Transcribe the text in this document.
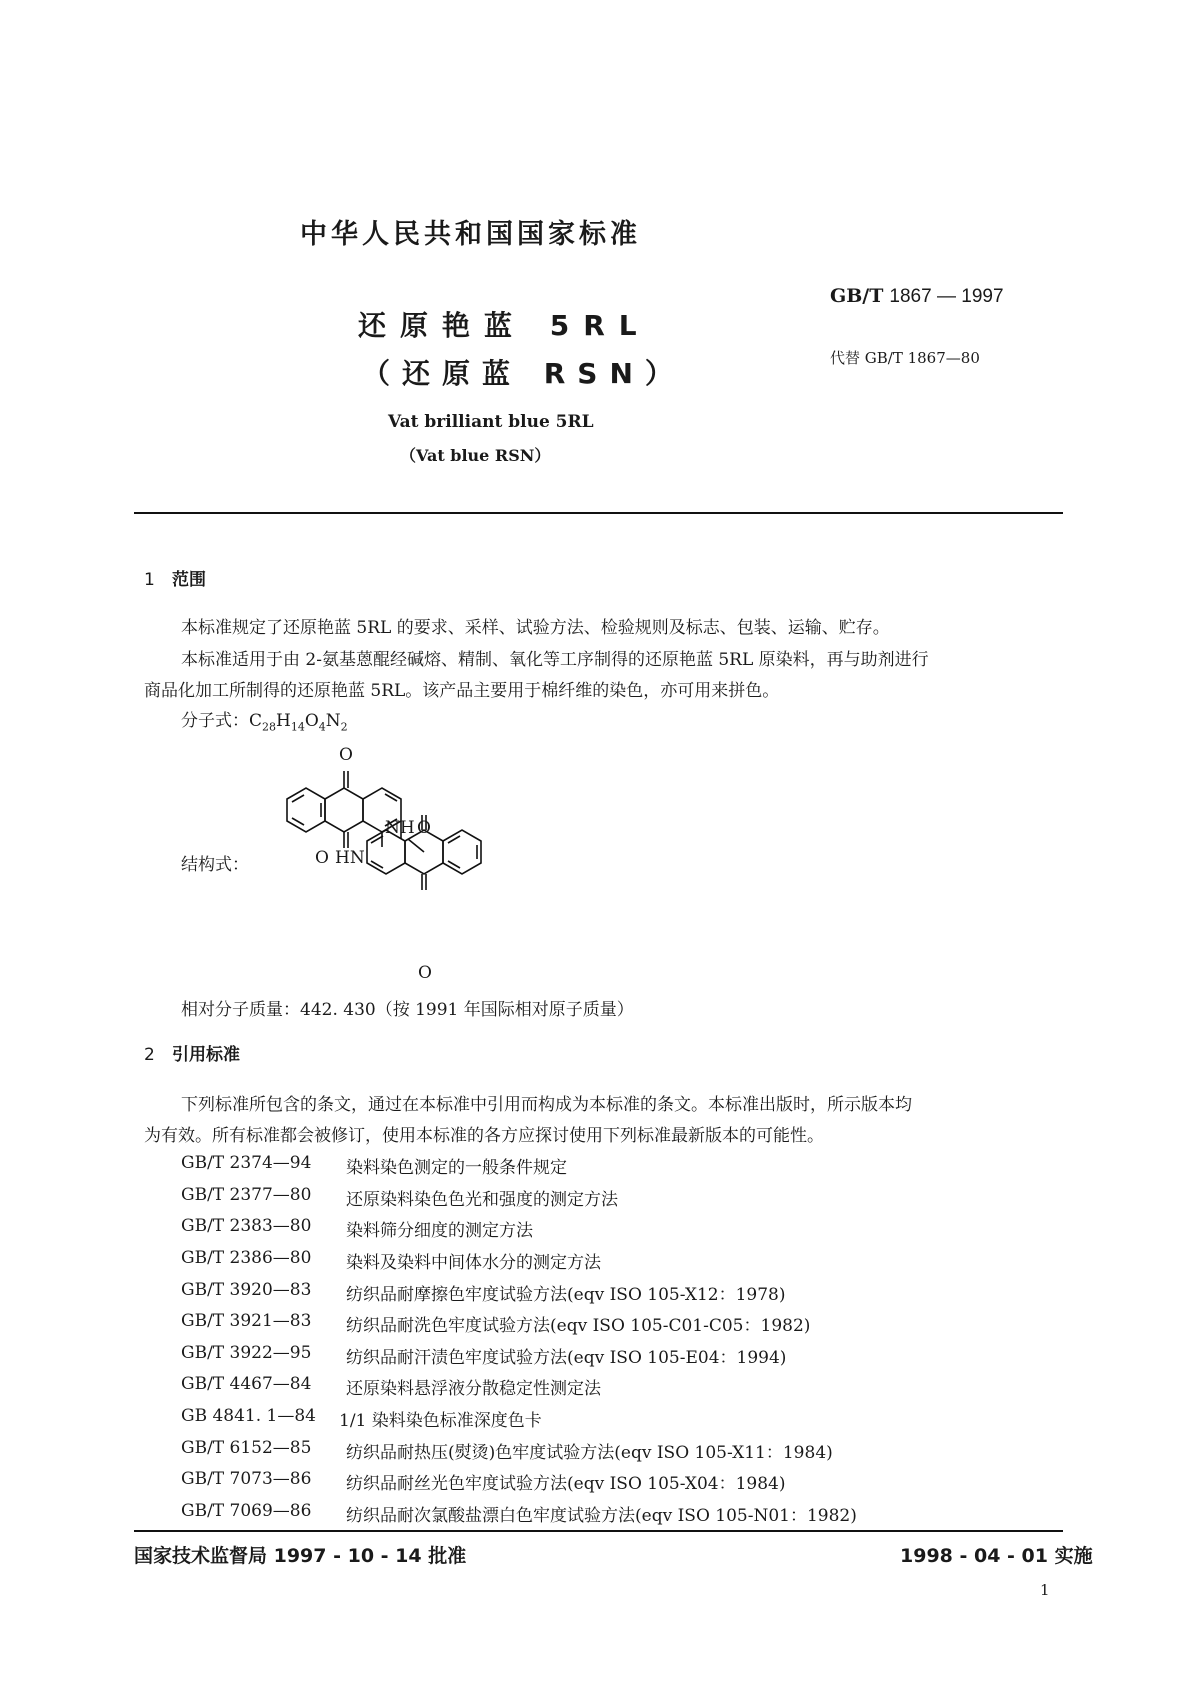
中华人民共和国国家标准
还原艳蓝 5RL
（还原蓝 RSN）
GB/T 1867 — 1997
代替 GB/T 1867—80
Vat brilliant blue 5RL
（Vat blue RSN）
1 范围
本标准规定了还原艳蓝 5RL 的要求、采样、试验方法、检验规则及标志、包装、运输、贮存。
本标准适用于由 2-氨基蒽醌经碱熔、精制、氧化等工序制得的还原艳蓝 5RL 原染料，再与助剂进行
商品化加工所制得的还原艳蓝 5RL。该产品主要用于棉纤维的染色，亦可用来拼色。
分子式：$C_{28}H_{14}O_4N_2$
结构式：
O
NH O
O HN
O
相对分子质量：442. 430（按 1991 年国际相对原子质量）
2 引用标准
下列标准所包含的条文，通过在本标准中引用而构成为本标准的条文。本标准出版时，所示版本均
为有效。所有标准都会被修订，使用本标准的各方应探讨使用下列标准最新版本的可能性。
GB/T 2374—94 染料染色测定的一般条件规定
GB/T 2377—80 还原染料染色色光和强度的测定方法
GB/T 2383—80 染料筛分细度的测定方法
GB/T 2386—80 染料及染料中间体水分的测定方法
GB/T 3920—83 纺织品耐摩擦色牢度试验方法(eqv ISO 105-X12：1978)
GB/T 3921—83 纺织品耐洗色牢度试验方法(eqv ISO 105-C01-C05：1982)
GB/T 3922—95 纺织品耐汗渍色牢度试验方法(eqv ISO 105-E04：1994)
GB/T 4467—84 还原染料悬浮液分散稳定性测定法
GB 4841. 1—84 1/1 染料染色标准深度色卡
GB/T 6152—85 纺织品耐热压(熨烫)色牢度试验方法(eqv ISO 105-X11：1984)
GB/T 7073—86 纺织品耐丝光色牢度试验方法(eqv ISO 105-X04：1984)
GB/T 7069—86 纺织品耐次氯酸盐漂白色牢度试验方法(eqv ISO 105-N01：1982)
国家技术监督局 1997 - 10 - 14 批准	1998 - 04 - 01 实施
1
